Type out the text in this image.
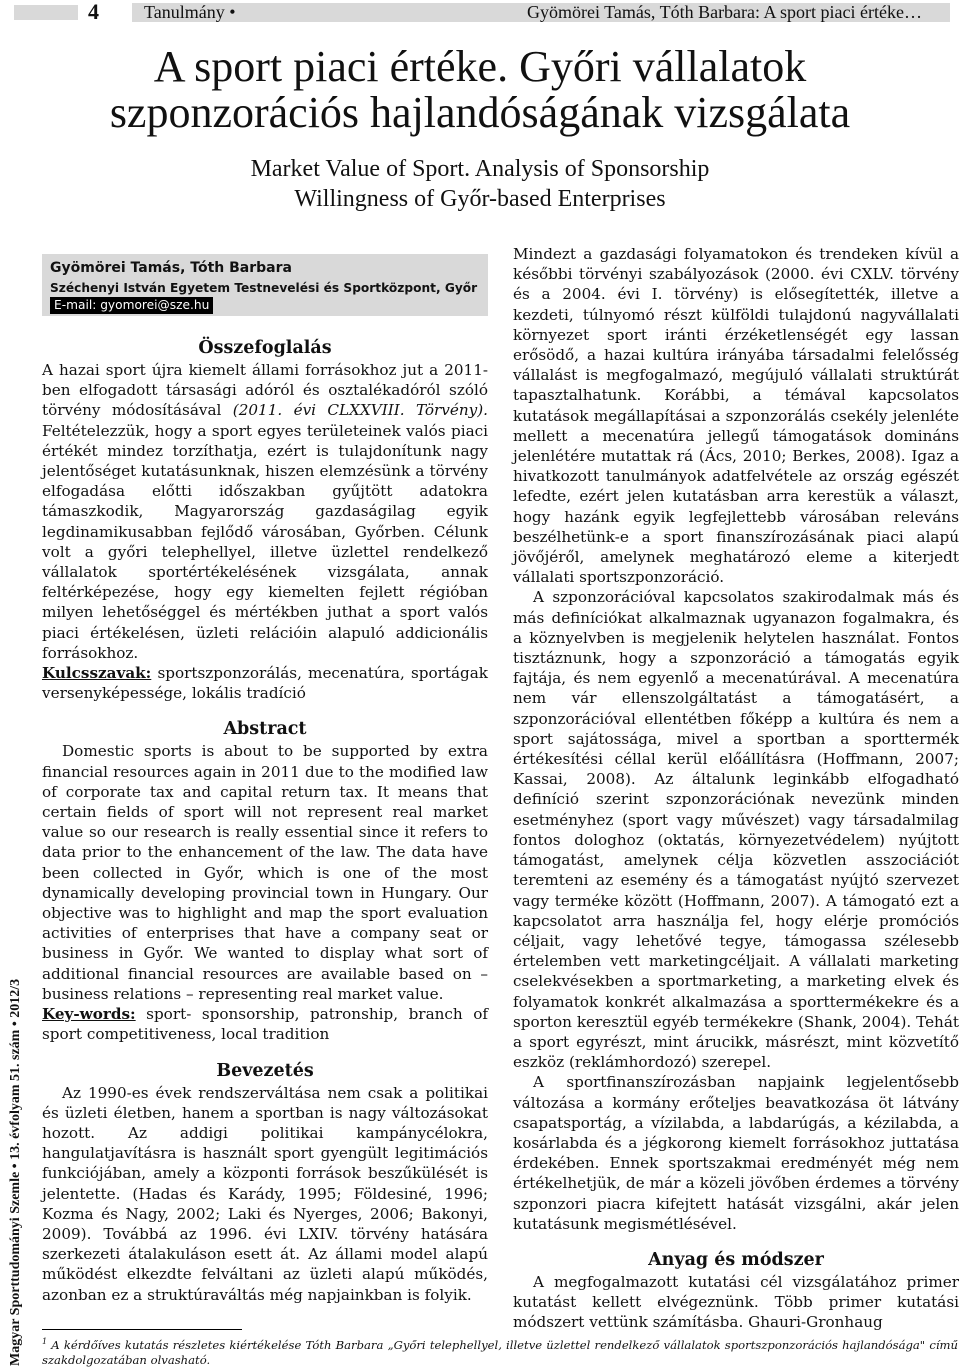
4	Tanulmány •	Gyömörei Tamás, Tóth Barbara: A sport piaci értéke…
A sport piaci értéke. Győri vállalatok
szponzorációs hajlandóságának vizsgálata
Market Value of Sport. Analysis of Sponsorship
Willingness of Győr-based Enterprises
Magyar Sporttudományi Szemle • 13. évfolyam 51. szám • 2012/3
Gyömörei Tamás, Tóth Barbara
Széchenyi István Egyetem Testnevelési és Sportközpont, Győr
E-mail: gyomorei@sze.hu
Összefoglalás

A hazai sport újra kiemelt állami forrásokhoz jut a 2011-ben elfogadott társasági adóról és osztalékadóról szóló törvény módosításával (2011. évi CLXXVIII. Törvény). Feltételezzük, hogy a sport egyes területeinek valós piaci értékét mindez torzíthatja, ezért is tulajdonítunk nagy jelentőséget kutatásunknak, hiszen elemzésünk a törvény elfogadása előtti időszakban gyűjtött adatokra támaszkodik, Magyarország gazdaságilag egyik legdinamikusabban fejlődő városában, Győrben. Célunk volt a győri telephellyel, illetve üzlettel rendelkező vállalatok sportértékelésének vizsgálata, annak feltérképezése, hogy egy kiemelten fejlett régióban milyen lehetőséggel és mértékben juthat a sport valós piaci értékelésen, üzleti relációin alapuló addicionális forrásokhoz.

Kulcsszavak: sportszponzorálás, mecenatúra, sportágak versenyképessége, lokális tradíció

Abstract

Domestic sports is about to be supported by extra financial resources again in 2011 due to the modified law of corporate tax and capital return tax. It means that certain fields of sport will not represent real market value so our research is really essential since it refers to data prior to the enhancement of the law. The data have been collected in Győr, which is one of the most dynamically developing provincial town in Hungary. Our objective was to highlight and map the sport evaluation activities of enterprises that have a company seat or business in Győr. We wanted to display what sort of additional financial resources are available based on – business relations – representing real market value.

Key-words: sport- sponsorship, patronship, branch of sport competitiveness, local tradition

Bevezetés

Az 1990-es évek rendszerváltása nem csak a politikai és üzleti életben, hanem a sportban is nagy változásokat hozott. Az addigi politikai kampánycélokra, hangulatjavításra is használt sport gyengült legitimációs funkciójában, amely a központi források beszűkülését is jelentette. (Hadas és Karády, 1995; Földesiné, 1996; Kozma és Nagy, 2002; Laki és Nyerges, 2006; Bakonyi, 2009). Továbbá az 1996. évi LXIV. törvény hatására szerkezeti átalakuláson esett át. Az állami model alapú működést elkezdte felváltani az üzleti alapú működés, azonban ez a struktúraváltás még napjainkban is folyik.

Mindezt a gazdasági folyamatokon és trendeken kívül a későbbi törvényi szabályozások (2000. évi CXLV. törvény és a 2004. évi I. törvény) is elősegítették, illetve a kezdeti, túlnyomó részt külföldi tulajdonú nagyvállalati környezet sport iránti érzéketlenségét egy lassan erősödő, a hazai kultúra irányába társadalmi felelősség vállalást is megfogalmazó, megújuló vállalati struktúrát tapasztalhatunk. Korábbi, a témával kapcsolatos kutatások megállapításai a szponzorálás csekély jelenléte mellett a mecenatúra jellegű támogatások domináns jelenlétére mutattak rá (Ács, 2010; Berkes, 2008). Igaz a hivatkozott tanulmányok adatfelvétele az ország egészét lefedte, ezért jelen kutatásban arra kerestük a választ, hogy hazánk egyik legfejlettebb városában releváns beszélhetünk-e a sport finanszírozásának piaci alapú jövőjéről, amelynek meghatározó eleme a kiterjedt vállalati sportszponzoráció.

A szponzorációval kapcsolatos szakirodalmak más és más definíciókat alkalmaznak ugyanazon fogalmakra, és a köznyelvben is megjelenik helytelen használat. Fontos tisztáznunk, hogy a szponzoráció a támogatás egyik fajtája, és nem egyenlő a mecenatúrával. A mecenatúra nem vár ellenszolgáltatást a támogatásért, a szponzorációval ellentétben főképp a kultúra és nem a sport sajátossága, mivel a sportban a sporttermék értékesítési céllal kerül előállításra (Hoffmann, 2007; Kassai, 2008). Az általunk leginkább elfogadható definíció szerint szponzorációnak nevezünk minden esetményhez (sport vagy művészet) vagy társadalmilag fontos dologhoz (oktatás, környezetvédelem) nyújtott támogatást, amelynek célja közvetlen asszociációt teremteni az esemény és a támogatást nyújtó szervezet vagy terméke között (Hoffmann, 2007). A támogató ezt a kapcsolatot arra használja fel, hogy elérje promóciós céljait, vagy lehetővé tegye, támogassa szélesebb értelemben vett marketingcéljait. A vállalati marketing cselekvésekben a sportmarketing, a marketing elvek és folyamatok konkrét alkalmazása a sporttermékekre és a sporton keresztül egyéb termékekre (Shank, 2004). Tehát a sport egyrészt, mint árucikk, másrészt, mint közvetítő eszköz (reklámhordozó) szerepel.

A sportfinanszírozásban napjaink legjelentősebb változása a kormány erőteljes beavatkozása öt látvány csapatsportág, a vízilabda, a labdarúgás, a kézilabda, a kosárlabda és a jégkorong kiemelt forrásokhoz juttatása érdekében. Ennek sportszakmai eredményét még nem értékelhetjük, de már a közeli jövőben érdemes a törvény szponzori piacra kifejtett hatását vizsgálni, akár jelen kutatásunk megismétlésével.

Anyag és módszer

A megfogalmazott kutatási cél vizsgálatához primer kutatást kellett elvégeznünk. Több primer kutatási módszert vettünk számításba. Ghauri-Gronhaug

$^1$ A kérdőíves kutatás részletes kiértékelése Tóth Barbara „Győri telephellyel, illetve üzlettel rendelkező vállalatok sportszponzorációs hajlandósága" című szakdolgozatában olvasható.
